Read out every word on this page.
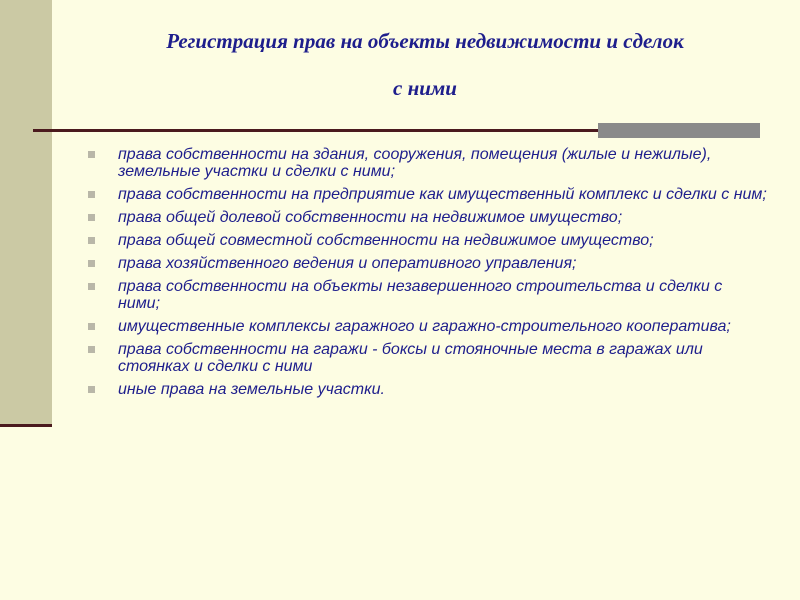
Регистрация прав на объекты недвижимости и сделок
с ними
права собственности на здания, сооружения, помещения (жилые и нежилые), земельные участки и сделки с ними;
права собственности на предприятие как имущественный комплекс и сделки с ним;
права общей долевой собственности на недвижимое имущество;
права общей совместной собственности на недвижимое имущество;
права хозяйственного ведения и оперативного управления;
права собственности на объекты незавершенного строительства и сделки с ними;
имущественные комплексы гаражного и гаражно-строительного кооператива;
права собственности на гаражи - боксы и стояночные места в гаражах или стоянках и сделки с ними
иные права на земельные участки.
